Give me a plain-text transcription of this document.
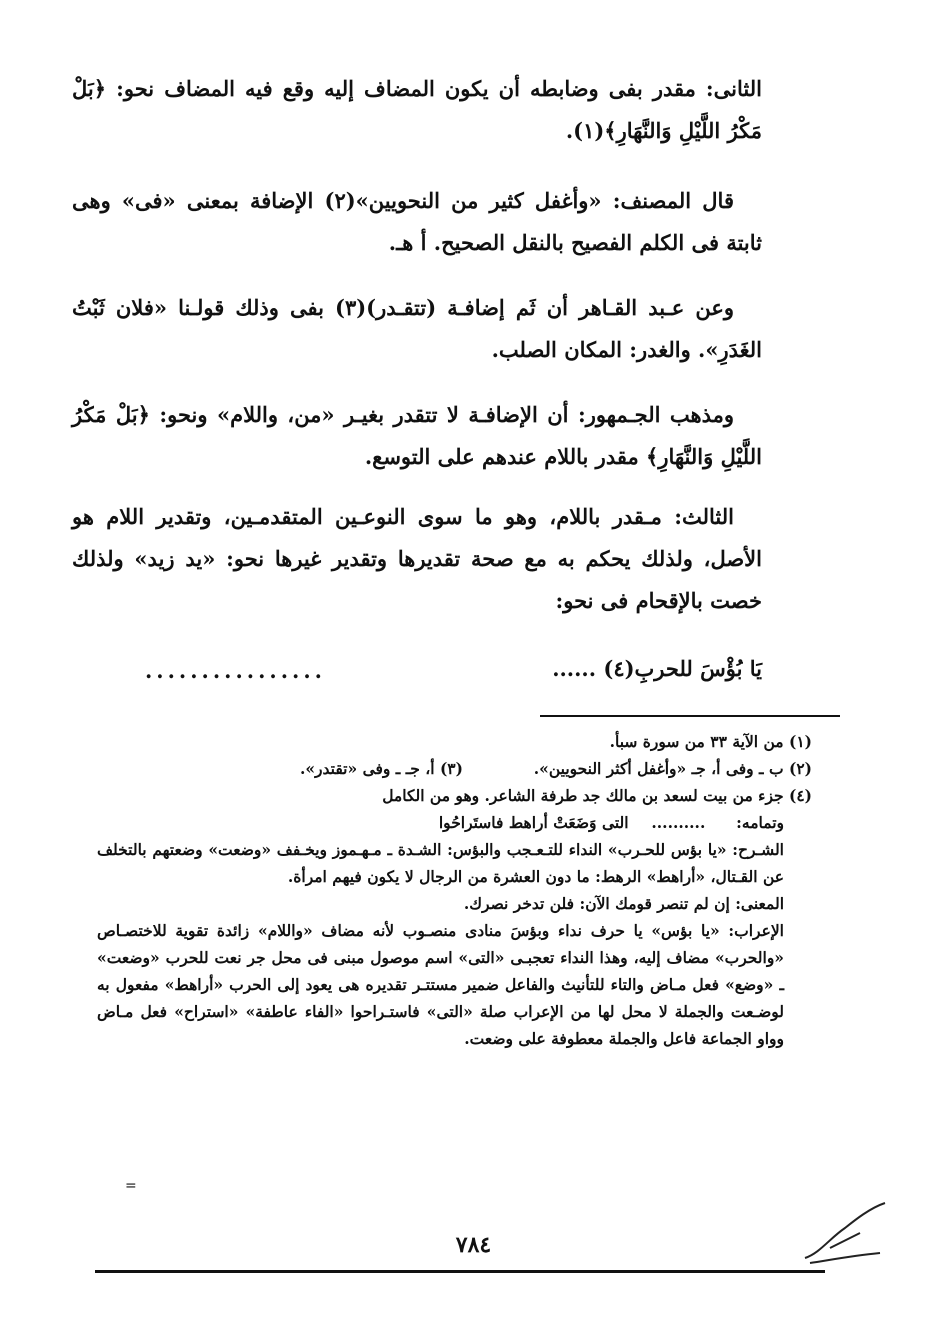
الثانى: مقدر بفى وضابطه أن يكون المضاف إليه وقع فيه المضاف نحو: ﴿بَلْ مَكْرُ اللَّيْلِ وَالنَّهَارِ﴾(١).

قال المصنف: «وأغفل كثير من النحويين»(٢) الإضافة بمعنى «فى» وهى ثابتة فى الكلم الفصيح بالنقل الصحيح. أ هـ.

وعن عـبد القـاهر أن ثَم إضافـة (تتقـدر)(٣) بفى وذلك قولـنا «فلان ثَبْتُ الغَدَرِ». والغدر: المكان الصلب.

ومذهب الجـمهور: أن الإضافـة لا تتقدر بغيـر «من، واللام» ونحو: ﴿بَلْ مَكْرُ اللَّيْلِ وَالنَّهَارِ﴾ مقدر باللام عندهم على التوسع.

الثالث: مـقدر باللام، وهو ما سوى النوعـين المتقدمـين، وتقدير اللام هو الأصل، ولذلك يحكم به مع صحة تقديرها وتقدير غيرها نحو: «يد زيد» ولذلك خصت بالإقحام فى نحو:

يَا بُؤْسَ للحربِ(٤) ......
................

(١) من الآية ٣٣ من سورة سبأ.

(٢) ب ـ وفى أ، جـ «وأغفل أكثر النحويين».  (٣) أ، جـ ـ وفى «تقتدر».

(٤) جزء من بيت لسعد بن مالك جد طرفة الشاعر. وهو من الكامل

وتمامه:  ..........  التى وَضَعَتْ أراهط فاستَراحُوا

الشـرح: «يا بؤس للحـرب» النداء للتـعـجب والبؤس: الشـدة ـ مـهـموز ويخـفف «وضعت» وضعتهم بالتخلف عن القـتال، «أراهط» الرهط: ما دون العشرة من الرجال لا يكون فيهم امرأة.

المعنى: إن لم تنصر قومك الآن: فلن تدخر نصرك.

الإعراب: «يا بؤس» يا حرف نداء وبؤسَ منادى منصـوب لأنه مضاف «واللام» زائدة تقوية للاختصـاص «والحرب» مضاف إليه، وهذا النداء تعجبـى «التى» اسم موصول مبنى فى محل جر نعت للحرب «وضعت» ـ «وضع» فعل مـاض والتاء للتأنيث والفاعل ضمير مستتـر تقديره هى يعود إلى الحرب «أراهط» مفعول به لوضـعت والجملة لا محل لها من الإعراب صلة «التى» فاستـراحوا «الفاء عاطفة» «استراح» فعل مـاض وواو الجماعة فاعل والجملة معطوفة على وضعت.

=
٧٨٤
